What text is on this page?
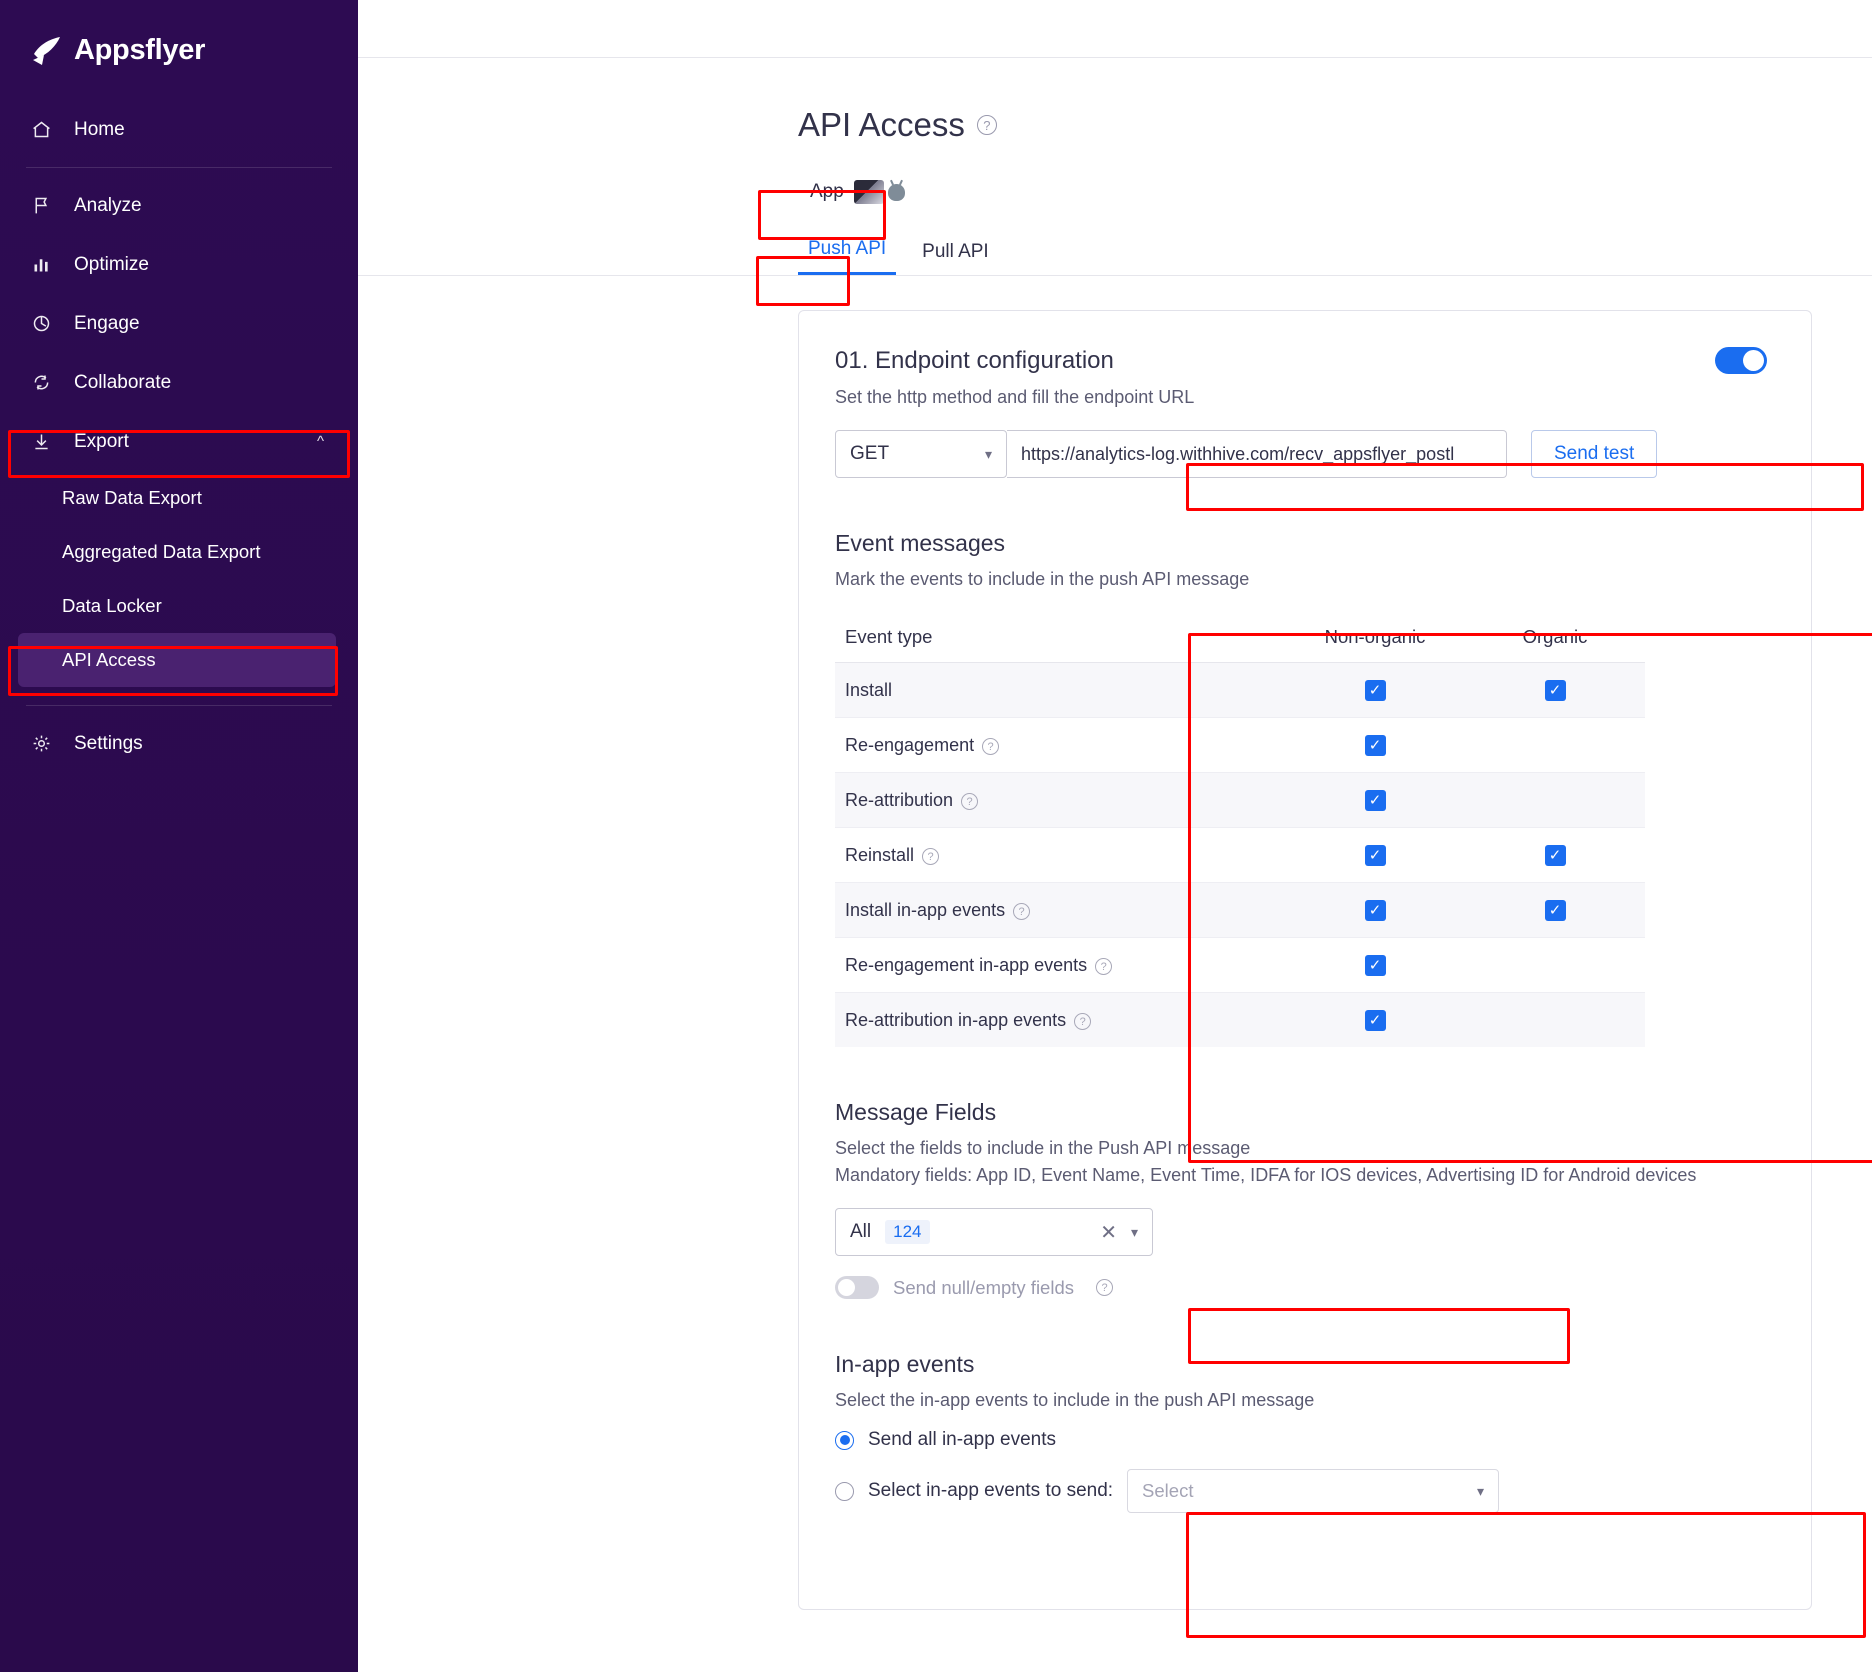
Appsflyer
Home
Analyze
Optimize
Engage
Collaborate
Export	^
Raw Data Export
Aggregated Data Export
Data Locker
API Access
Settings
API Access	?
App
Push API	Pull API
01. Endpoint configuration
Set the http method and fill the endpoint URL
GET	▾	https://analytics-log.withhive.com/recv_appsflyer_postl	Send test
Event messages
Mark the events to include in the push API message
Event type	Non-organic	Organic
Install	✓	✓
Re-engagement ?	✓	
Re-attribution ?	✓	
Reinstall ?	✓	✓
Install in-app events ?	✓	✓
Re-engagement in-app events ?	✓	
Re-attribution in-app events ?	✓	
Message Fields
Select the fields to include in the Push API message
Mandatory fields: App ID, Event Name, Event Time, IDFA for IOS devices, Advertising ID for Android devices
All	124	✕ ▾
Send null/empty fields	?
In-app events
Select the in-app events to include in the push API message
Send all in-app events
Select in-app events to send: Select	▾
